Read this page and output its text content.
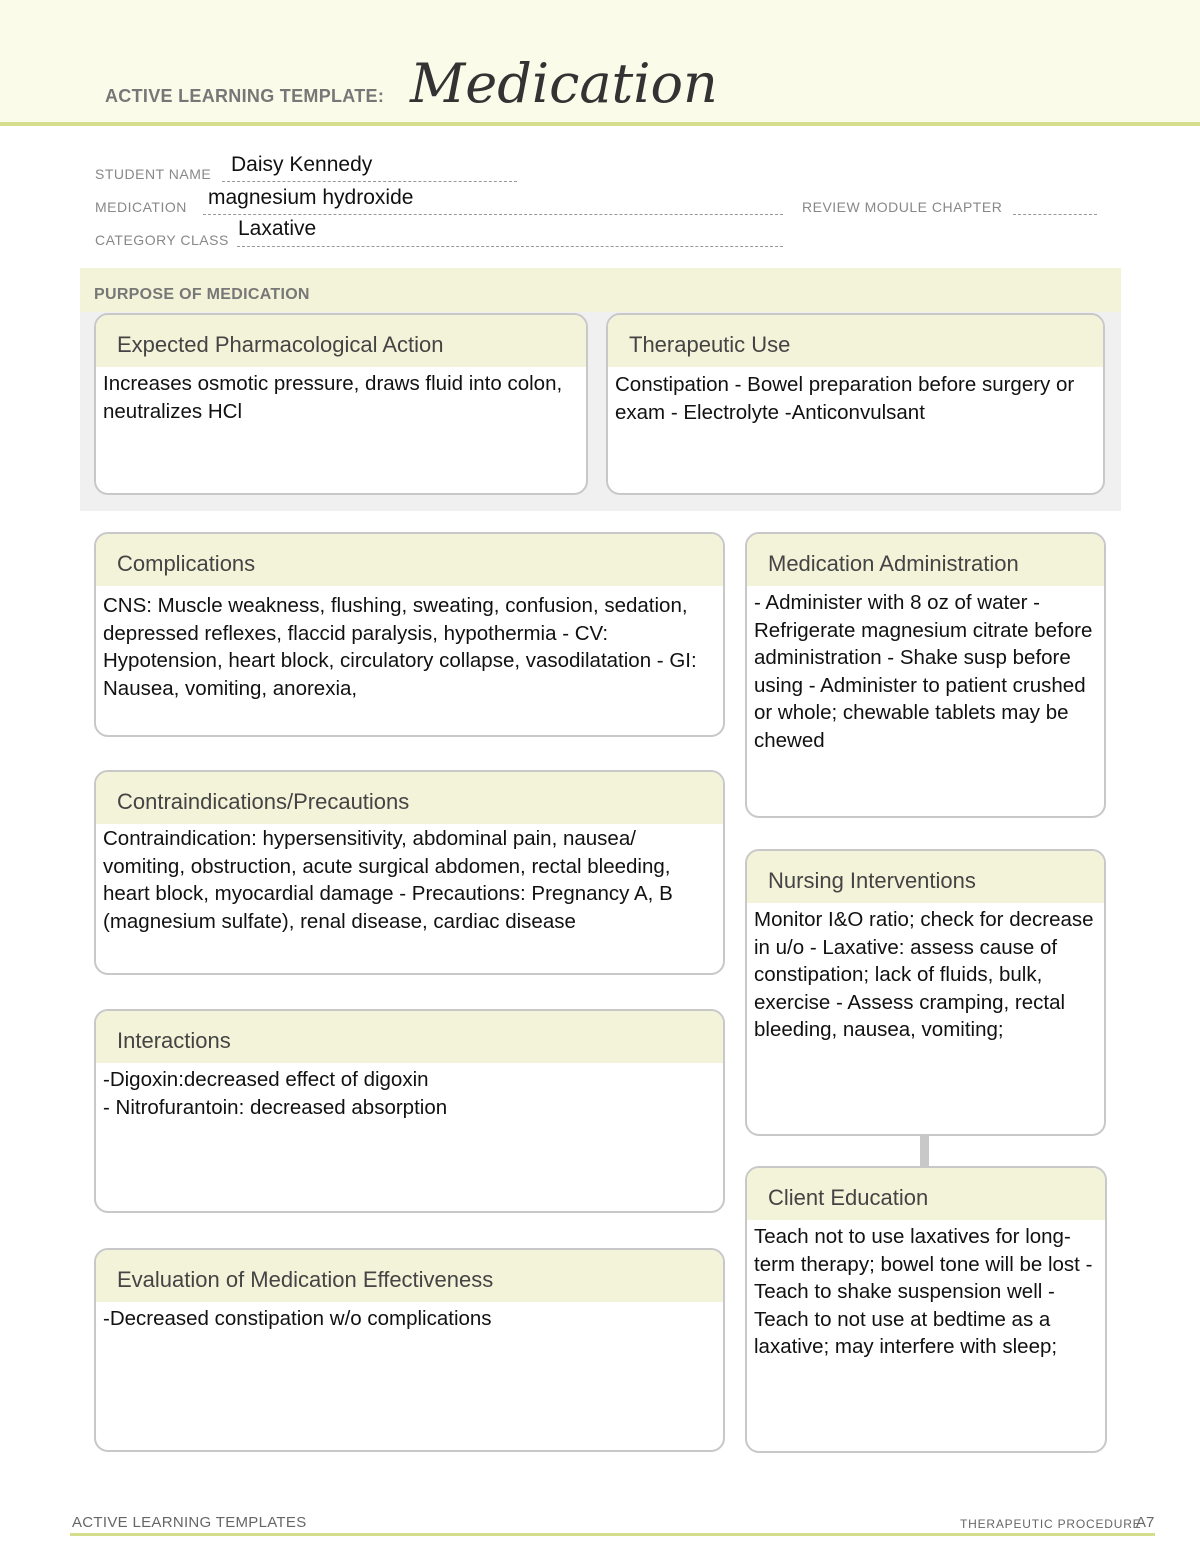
ACTIVE LEARNING TEMPLATE: Medication
STUDENT NAME Daisy Kennedy
MEDICATION magnesium hydroxide	REVIEW MODULE CHAPTER
CATEGORY CLASS Laxative
PURPOSE OF MEDICATION
Expected Pharmacological Action
Increases osmotic pressure, draws fluid into colon, neutralizes HCl
Therapeutic Use
Constipation - Bowel preparation before surgery or exam - Electrolyte -Anticonvulsant
Complications
CNS: Muscle weakness, flushing, sweating, confusion, sedation, depressed reflexes, flaccid paralysis, hypothermia - CV: Hypotension, heart block, circulatory collapse, vasodilatation - GI: Nausea, vomiting, anorexia,
Contraindications/Precautions
Contraindication: hypersensitivity, abdominal pain, nausea/ vomiting, obstruction, acute surgical abdomen, rectal bleeding, heart block, myocardial damage - Precautions: Pregnancy A, B (magnesium sulfate), renal disease, cardiac disease
Interactions
-Digoxin:decreased effect of digoxin
- Nitrofurantoin: decreased absorption
Evaluation of Medication Effectiveness
-Decreased constipation w/o complications
Medication Administration
- Administer with 8 oz of water - Refrigerate magnesium citrate before administration - Shake susp before using - Administer to patient crushed or whole; chewable tablets may be chewed
Nursing Interventions
Monitor I&O ratio; check for decrease in u/o - Laxative: assess cause of constipation; lack of fluids, bulk, exercise - Assess cramping, rectal bleeding, nausea, vomiting;
Client Education
Teach not to use laxatives for long-term therapy; bowel tone will be lost - Teach to shake suspension well - Teach to not use at bedtime as a laxative; may interfere with sleep;
ACTIVE LEARNING TEMPLATES	THERAPEUTIC PROCEDURE
A7
